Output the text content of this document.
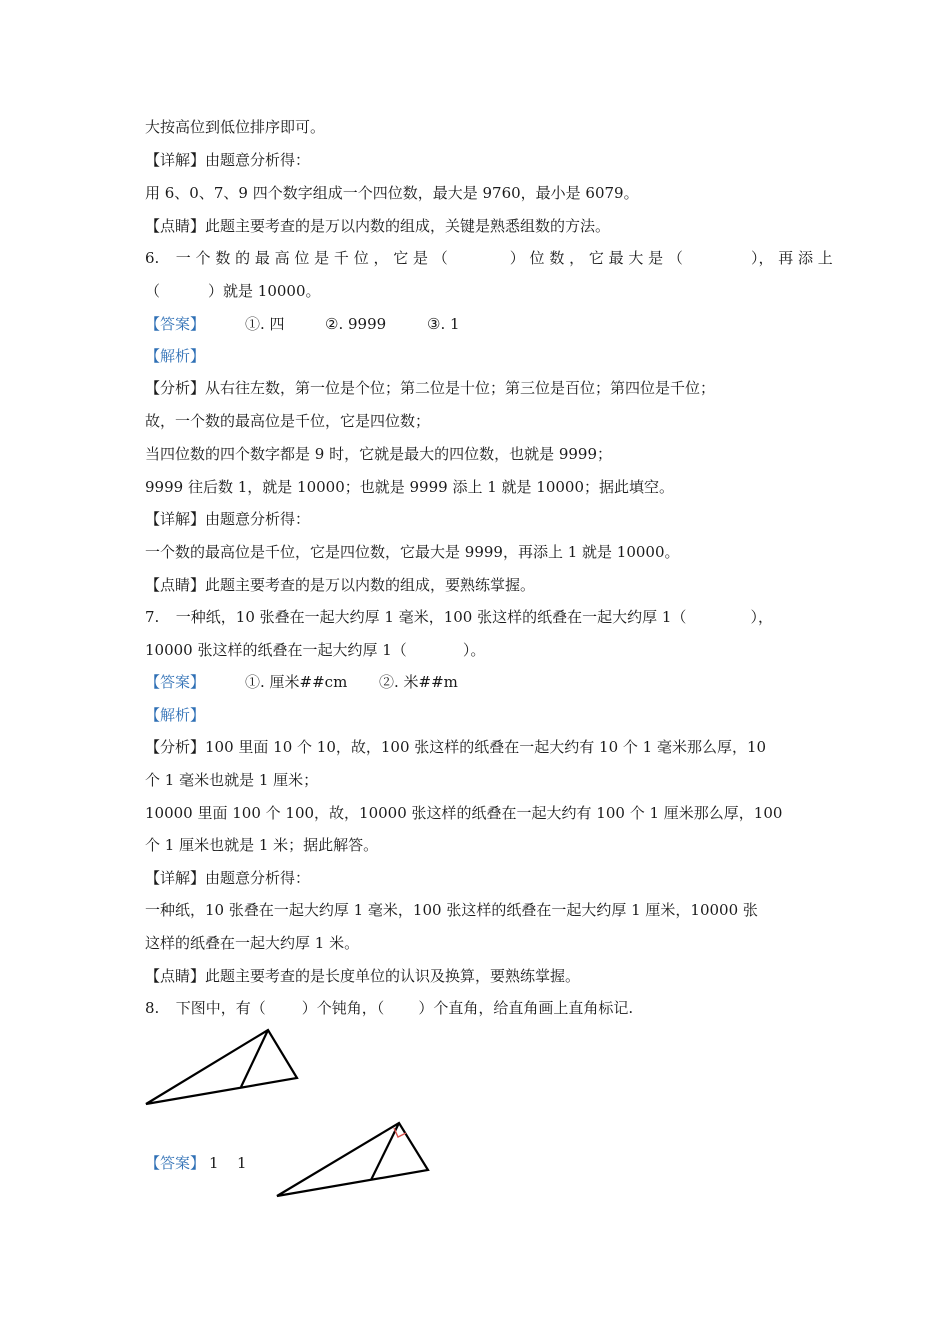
大按高位到低位排序即可。
【详解】由题意分析得：
用 6、0、7、9 四个数字组成一个四位数，最大是 9760，最小是 6079。
【点睛】此题主要考查的是万以内数的组成，关键是熟悉组数的方法。
6. 一 个 数 的 最 高 位 是 千 位 ， 它 是 （	） 位 数 ， 它 最 大 是 （	）， 再 添 上
（	）就是 10000。
【答案】	①. 四	②. 9999	③. 1
【解析】
【分析】从右往左数，第一位是个位；第二位是十位；第三位是百位；第四位是千位；
故，一个数的最高位是千位，它是四位数；
当四位数的四个数字都是 9 时，它就是最大的四位数，也就是 9999；
9999 往后数 1，就是 10000；也就是 9999 添上 1 就是 10000；据此填空。
【详解】由题意分析得：
一个数的最高位是千位，它是四位数，它最大是 9999，再添上 1 就是 10000。
【点睛】此题主要考查的是万以内数的组成，要熟练掌握。
7. 一种纸，10 张叠在一起大约厚 1 毫米，100 张这样的纸叠在一起大约厚 1（	），
10000 张这样的纸叠在一起大约厚 1（	）。
【答案】	①. 厘米##cm ②. 米##m
【解析】
【分析】100 里面 10 个 10，故，100 张这样的纸叠在一起大约有 10 个 1 毫米那么厚，10
个 1 毫米也就是 1 厘米；
10000 里面 100 个 100，故，10000 张这样的纸叠在一起大约有 100 个 1 厘米那么厚，100
个 1 厘米也就是 1 米；据此解答。
【详解】由题意分析得：
一种纸，10 张叠在一起大约厚 1 毫米，100 张这样的纸叠在一起大约厚 1 厘米，10000 张
这样的纸叠在一起大约厚 1 米。
【点睛】此题主要考查的是长度单位的认识及换算，要熟练掌握。
8. 下图中，有（ ）个钝角，（ ）个直角，给直角画上直角标记.
【答案】 1 1
